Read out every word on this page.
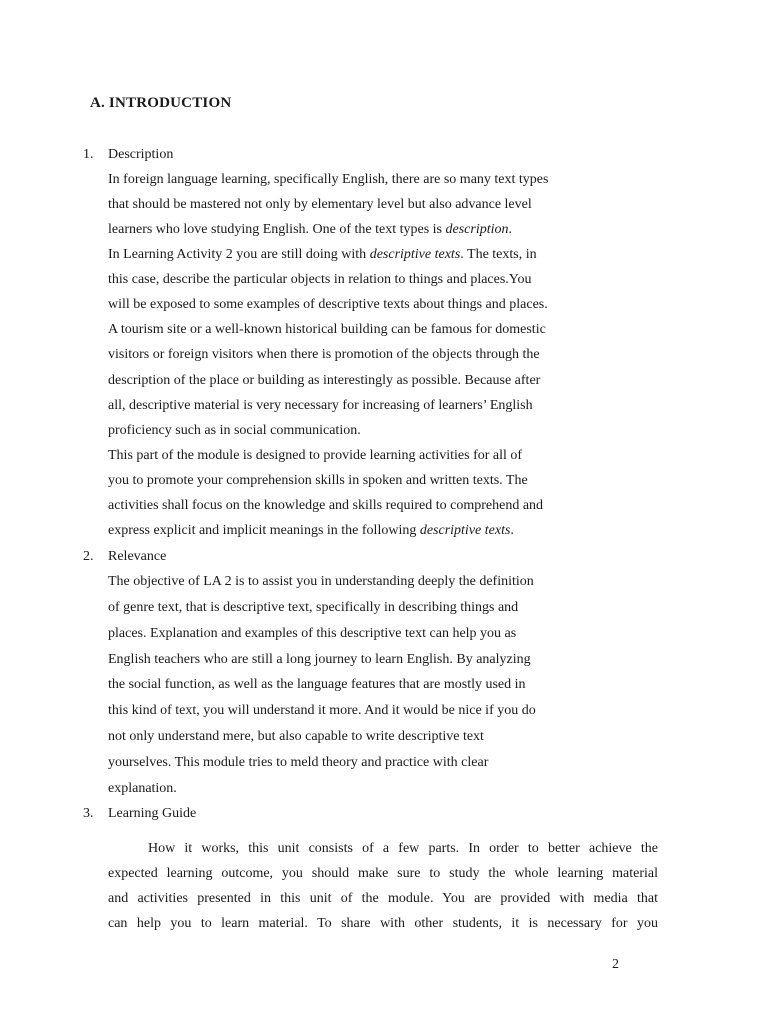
A. INTRODUCTION
1. Description
In foreign language learning, specifically English, there are so many text types
that should be mastered not only by elementary level but also advance level
learners who love studying English. One of the text types is description.
In Learning Activity 2 you are still doing with descriptive texts. The texts, in
this case, describe the particular objects in relation to things and places.You
will be exposed to some examples of descriptive texts about things and places.
A tourism site or a well-known historical building can be famous for domestic
visitors or foreign visitors when there is promotion of the objects through the
description of the place or building as interestingly as possible. Because after
all, descriptive material is very necessary for increasing of learners’ English
proficiency such as in social communication.
This part of the module is designed to provide learning activities for all of
you to promote your comprehension skills in spoken and written texts. The
activities shall focus on the knowledge and skills required to comprehend and
express explicit and implicit meanings in the following descriptive texts.
2. Relevance
The objective of LA 2 is to assist you in understanding deeply the definition
of genre text, that is descriptive text, specifically in describing things and
places. Explanation and examples of this descriptive text can help you as
English teachers who are still a long journey to learn English. By analyzing
the social function, as well as the language features that are mostly used in
this kind of text, you will understand it more. And it would be nice if you do
not only understand mere, but also capable to write descriptive text
yourselves. This module tries to meld theory and practice with clear
explanation.
3. Learning Guide
How it works, this unit consists of a few parts. In order to better achieve the
expected learning outcome, you should make sure to study the whole learning material
and activities presented in this unit of the module. You are provided with media that
can help you to learn material. To share with other students, it is necessary for you
2
